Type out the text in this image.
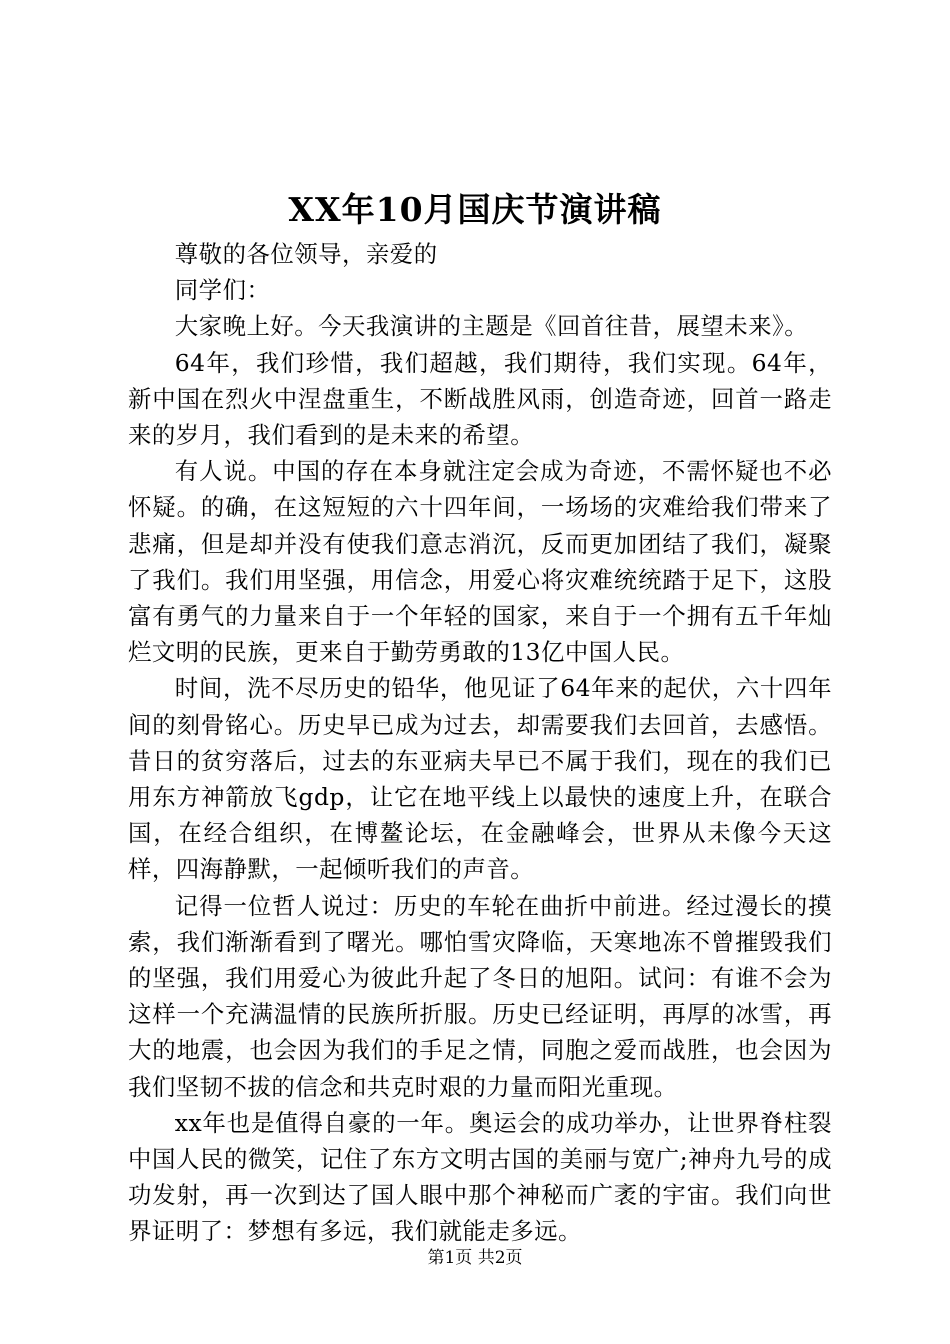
XX年10月国庆节演讲稿

尊敬的各位领导，亲爱的

同学们：

大家晚上好。今天我演讲的主题是《回首往昔，展望未来》。

64年，我们珍惜，我们超越，我们期待，我们实现。64年，新中国在烈火中涅盘重生，不断战胜风雨，创造奇迹，回首一路走来的岁月，我们看到的是未来的希望。

有人说。中国的存在本身就注定会成为奇迹，不需怀疑也不必怀疑。的确，在这短短的六十四年间，一场场的灾难给我们带来了悲痛，但是却并没有使我们意志消沉，反而更加团结了我们，凝聚了我们。我们用坚强，用信念，用爱心将灾难统统踏于足下，这股富有勇气的力量来自于一个年轻的国家，来自于一个拥有五千年灿烂文明的民族，更来自于勤劳勇敢的13亿中国人民。

时间，洗不尽历史的铅华，他见证了64年来的起伏，六十四年间的刻骨铭心。历史早已成为过去，却需要我们去回首，去感悟。昔日的贫穷落后，过去的东亚病夫早已不属于我们，现在的我们已用东方神箭放飞gdp，让它在地平线上以最快的速度上升，在联合国，在经合组织，在博鳌论坛，在金融峰会，世界从未像今天这样，四海静默，一起倾听我们的声音。

记得一位哲人说过：历史的车轮在曲折中前进。经过漫长的摸索，我们渐渐看到了曙光。哪怕雪灾降临，天寒地冻不曾摧毁我们的坚强，我们用爱心为彼此升起了冬日的旭阳。试问：有谁不会为这样一个充满温情的民族所折服。历史已经证明，再厚的冰雪，再大的地震，也会因为我们的手足之情，同胞之爱而战胜，也会因为我们坚韧不拔的信念和共克时艰的力量而阳光重现。

xx年也是值得自豪的一年。奥运会的成功举办，让世界脊柱裂中国人民的微笑，记住了东方文明古国的美丽与宽广;神舟九号的成功发射，再一次到达了国人眼中那个神秘而广袤的宇宙。我们向世界证明了：梦想有多远，我们就能走多远。

第1页 共2页
